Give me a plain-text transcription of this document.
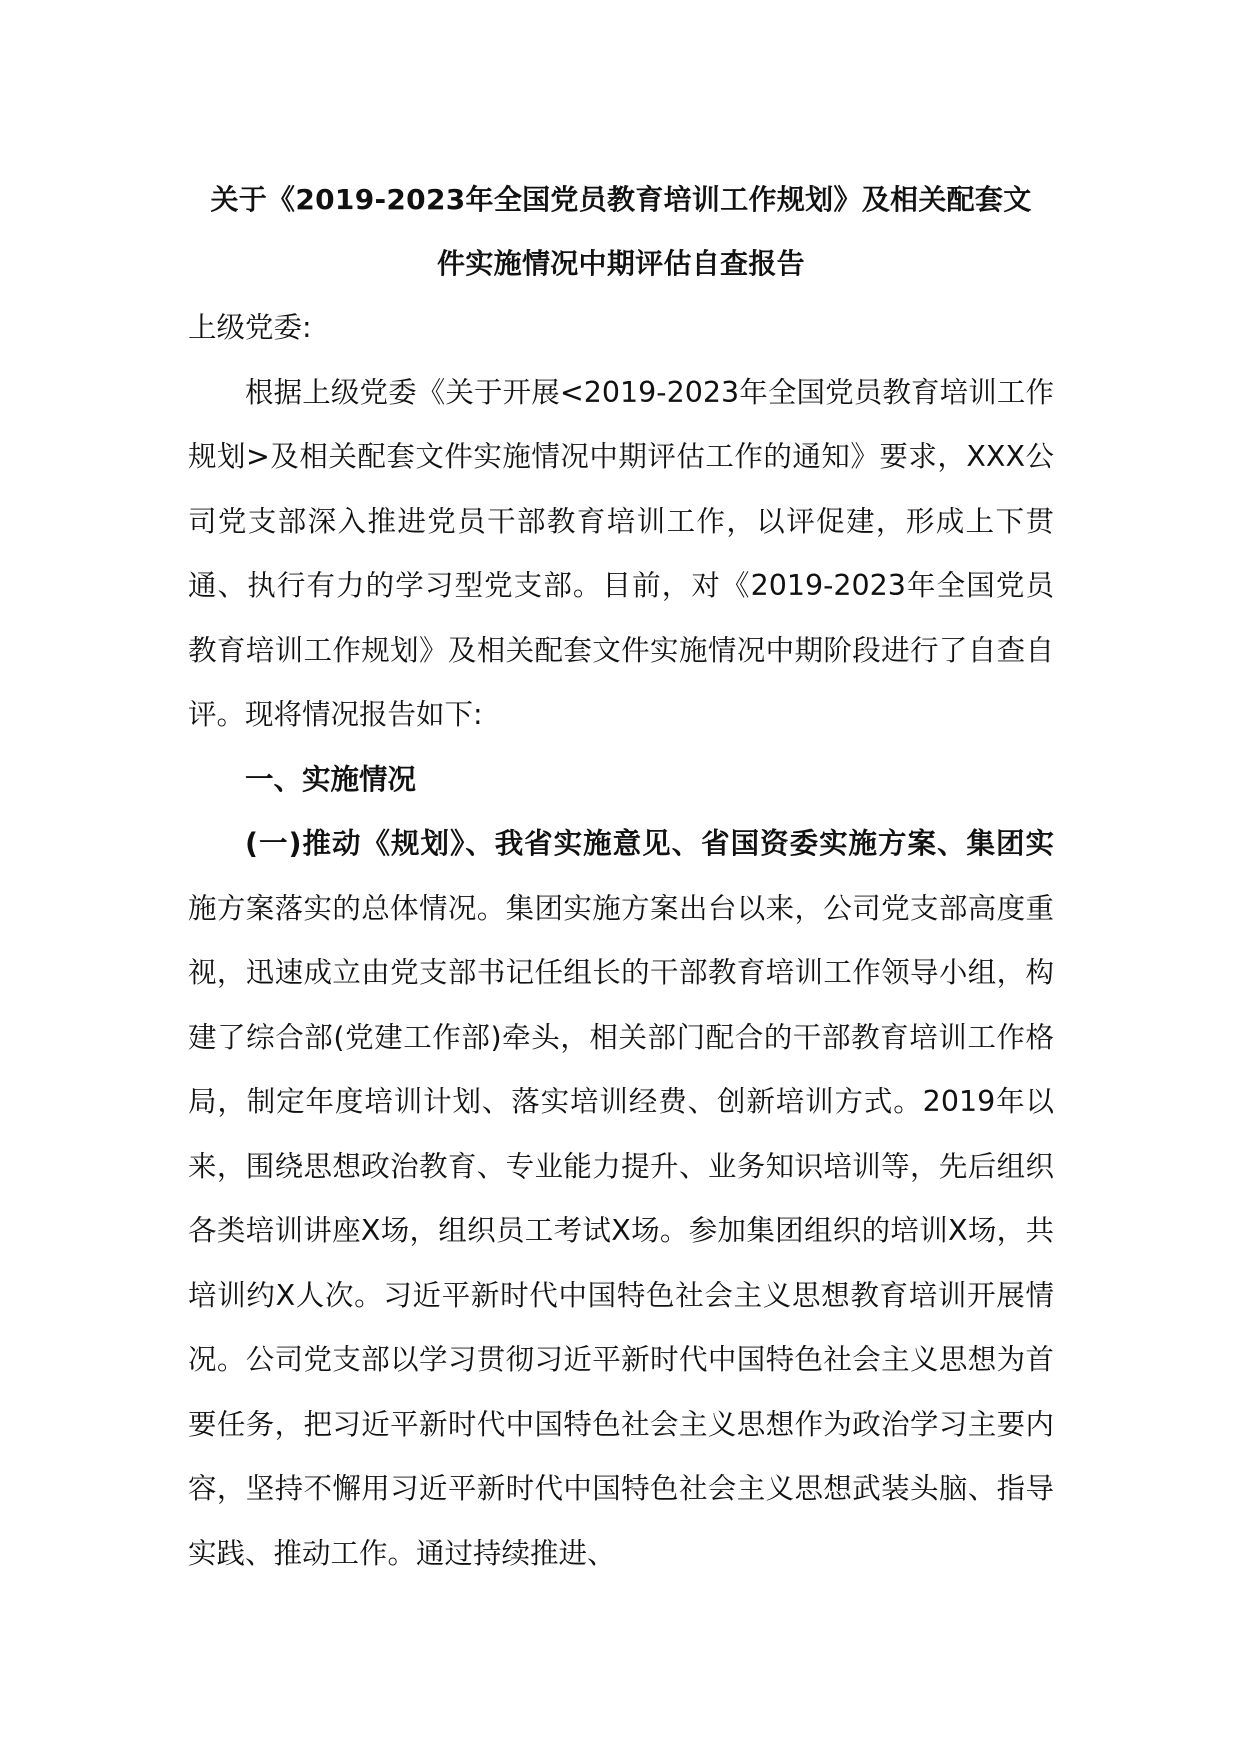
关于《2019-2023年全国党员教育培训工作规划》及相关配套文
件实施情况中期评估自查报告

上级党委:

根据上级党委《关于开展<2019-2023年全国党员教育培训工作规划>及相关配套文件实施情况中期评估工作的通知》要求，XXX公司党支部深入推进党员干部教育培训工作，以评促建，形成上下贯通、执行有力的学习型党支部。目前，对《2019-2023年全国党员教育培训工作规划》及相关配套文件实施情况中期阶段进行了自查自评。现将情况报告如下:

一、实施情况

(一)推动《规划》、我省实施意见、省国资委实施方案、集团实施方案落实的总体情况。集团实施方案出台以来，公司党支部高度重视，迅速成立由党支部书记任组长的干部教育培训工作领导小组，构建了综合部(党建工作部)牵头，相关部门配合的干部教育培训工作格局，制定年度培训计划、落实培训经费、创新培训方式。2019年以来，围绕思想政治教育、专业能力提升、业务知识培训等，先后组织各类培训讲座X场，组织员工考试X场。参加集团组织的培训X场，共培训约X人次。习近平新时代中国特色社会主义思想教育培训开展情况。公司党支部以学习贯彻习近平新时代中国特色社会主义思想为首要任务，把习近平新时代中国特色社会主义思想作为政治学习主要内容，坚持不懈用习近平新时代中国特色社会主义思想武装头脑、指导实践、推动工作。通过持续推进、
